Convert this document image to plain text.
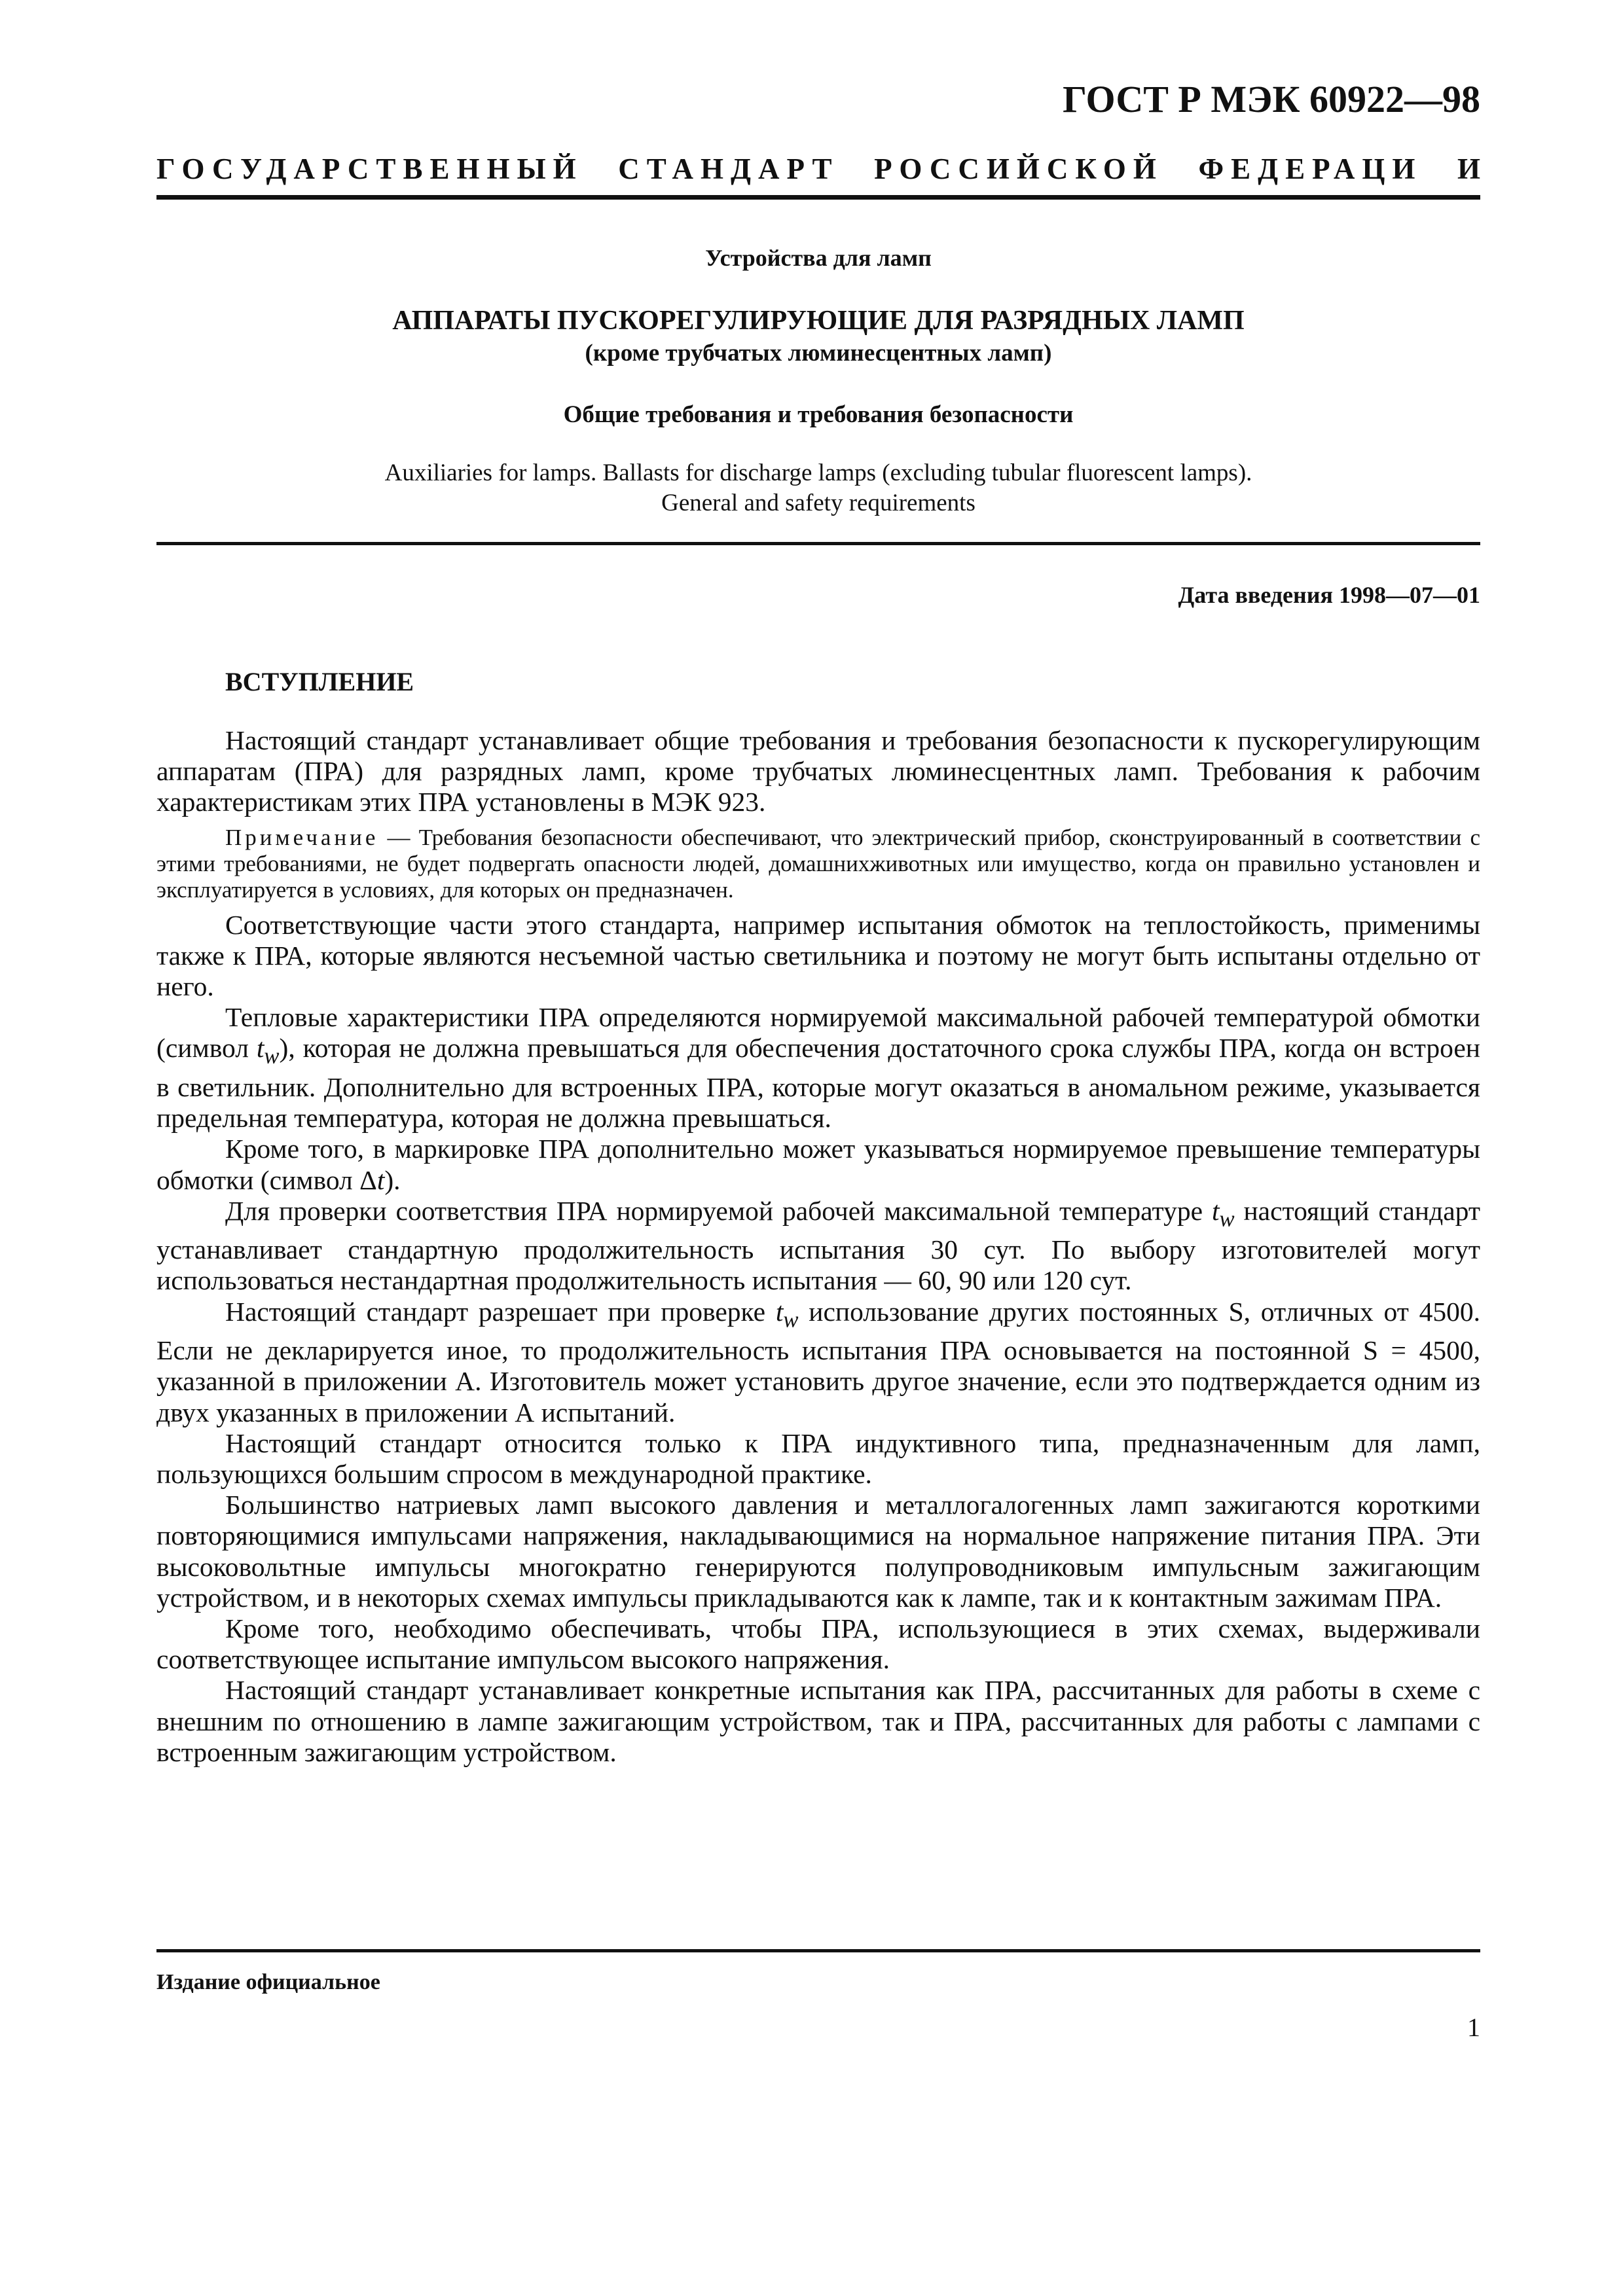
ГОСТ Р МЭК 60922—98
ГОСУДАРСТВЕННЫЙ СТАНДАРТ РОССИЙСКОЙ ФЕДЕРАЦИ И
Устройства для ламп
АППАРАТЫ ПУСКОРЕГУЛИРУЮЩИЕ ДЛЯ РАЗРЯДНЫХ ЛАМП
(кроме трубчатых люминесцентных ламп)
Общие требования и требования безопасности
Auxiliaries for lamps. Ballasts for discharge lamps (excluding tubular fluorescent lamps).
General and safety requirements
Дата введения 1998—07—01
ВСТУПЛЕНИЕ

Настоящий стандарт устанавливает общие требования и требования безопасности к пускорегулирующим аппаратам (ПРА) для разрядных ламп, кроме трубчатых люминесцентных ламп. Требования к рабочим характеристикам этих ПРА установлены в МЭК 923.

Примечание — Требования безопасности обеспечивают, что электрический прибор, сконструированный в соответствии с этими требованиями, не будет подвергать опасности людей, домашнихживотных или имущество, когда он правильно установлен и эксплуатируется в условиях, для которых он предназначен.

Соответствующие части этого стандарта, например испытания обмоток на теплостойкость, применимы также к ПРА, которые являются несъемной частью светильника и поэтому не могут быть испытаны отдельно от него.

Тепловые характеристики ПРА определяются нормируемой максимальной рабочей температурой обмотки (символ $t_w$), которая не должна превышаться для обеспечения достаточного срока службы ПРА, когда он встроен в светильник. Дополнительно для встроенных ПРА, которые могут оказаться в аномальном режиме, указывается предельная температура, которая не должна превышаться.

Кроме того, в маркировке ПРА дополнительно может указываться нормируемое превышение температуры обмотки (символ Δt).

Для проверки соответствия ПРА нормируемой рабочей максимальной температуре $t_w$ настоящий стандарт устанавливает стандартную продолжительность испытания 30 сут. По выбору изготовителей могут использоваться нестандартная продолжительность испытания — 60, 90 или 120 сут.

Настоящий стандарт разрешает при проверке $t_w$ использование других постоянных S, отличных от 4500. Если не декларируется иное, то продолжительность испытания ПРА основывается на постоянной S = 4500, указанной в приложении А. Изготовитель может установить другое значение, если это подтверждается одним из двух указанных в приложении А испытаний.

Настоящий стандарт относится только к ПРА индуктивного типа, предназначенным для ламп, пользующихся большим спросом в международной практике.

Большинство натриевых ламп высокого давления и металлогалогенных ламп зажигаются короткими повторяющимися импульсами напряжения, накладывающимися на нормальное напряжение питания ПРА. Эти высоковольтные импульсы многократно генерируются полупроводниковым импульсным зажигающим устройством, и в некоторых схемах импульсы прикладываются как к лампе, так и к контактным зажимам ПРА.

Кроме того, необходимо обеспечивать, чтобы ПРА, использующиеся в этих схемах, выдерживали соответствующее испытание импульсом высокого напряжения.

Настоящий стандарт устанавливает конкретные испытания как ПРА, рассчитанных для работы в схеме с внешним по отношению в лампе зажигающим устройством, так и ПРА, рассчитанных для работы с лампами с встроенным зажигающим устройством.

Издание официальное
1
